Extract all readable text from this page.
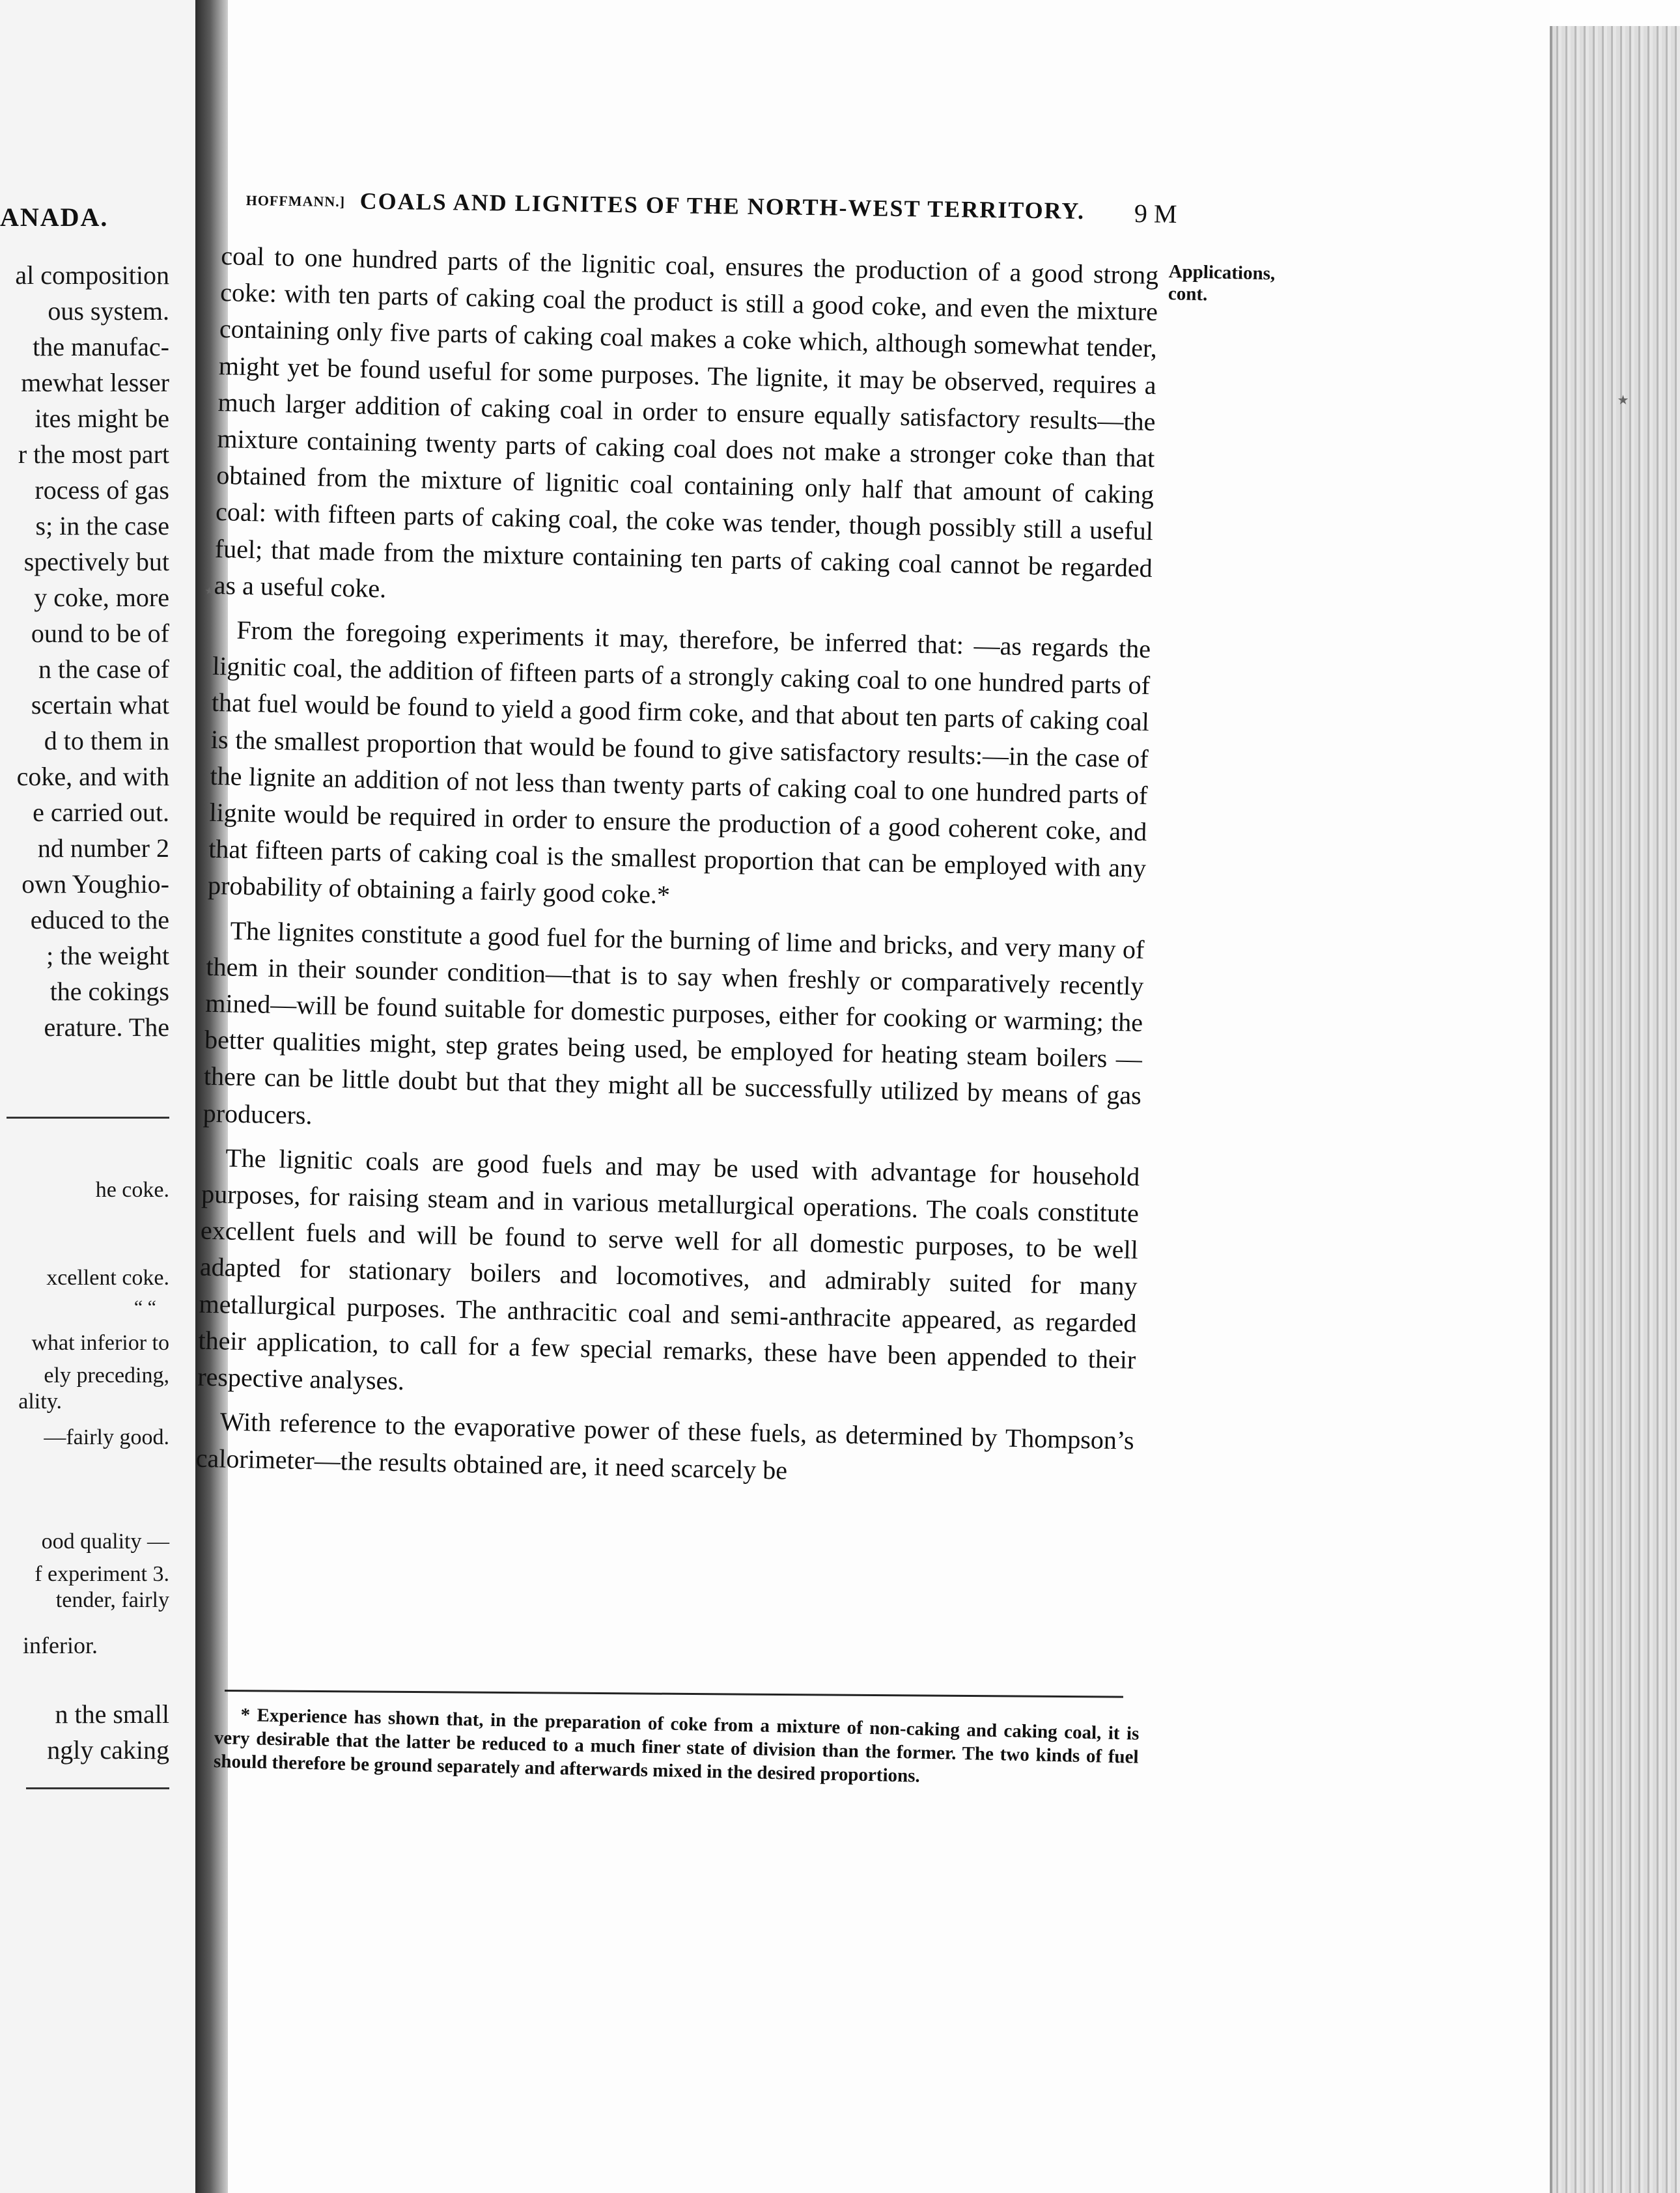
ANADA.
al composition
ous system.
the manufac-
mewhat lesser
ites might be
r the most part
rocess of gas
s; in the case
spectively but
y coke, more
ound to be of
n the case of
scertain what
d to them in
coke, and with
e carried out.
nd number 2
own Youghio-
educed to the
; the weight
the cokings
erature. The
he coke.
xcellent coke.
“ “
what inferior to
ely preceding,
ality.
—fairly good.
ood quality —
f experiment 3.
tender, fairly
inferior.
n the small
ngly caking
HOFFMANN.] COALS AND LIGNITES OF THE NORTH-WEST TERRITORY. 9 M
Applications,
cont.

coal to one hundred parts of the lignitic coal, ensures the production of a good strong coke: with ten parts of caking coal the product is still a good coke, and even the mixture containing only five parts of caking coal makes a coke which, although somewhat tender, might yet be found useful for some purposes. The lignite, it may be observed, requires a much larger addition of caking coal in order to ensure equally satisfactory results—the mixture containing twenty parts of caking coal does not make a stronger coke than that obtained from the mixture of lignitic coal containing only half that amount of caking coal: with fifteen parts of caking coal, the coke was tender, though possibly still a useful fuel; that made from the mixture containing ten parts of caking coal cannot be regarded as a useful coke.

From the foregoing experiments it may, therefore, be inferred that: —as regards the lignitic coal, the addition of fifteen parts of a strongly caking coal to one hundred parts of that fuel would be found to yield a good firm coke, and that about ten parts of caking coal is the smallest proportion that would be found to give satisfactory results:—in the case of the lignite an addition of not less than twenty parts of caking coal to one hundred parts of lignite would be required in order to ensure the production of a good coherent coke, and that fifteen parts of caking coal is the smallest proportion that can be employed with any probability of obtaining a fairly good coke.*

The lignites constitute a good fuel for the burning of lime and bricks, and very many of them in their sounder condition—that is to say when freshly or comparatively recently mined—will be found suitable for domestic purposes, either for cooking or warming; the better qualities might, step grates being used, be employed for heating steam boilers —there can be little doubt but that they might all be successfully utilized by means of gas producers.

The lignitic coals are good fuels and may be used with advantage for household purposes, for raising steam and in various metallurgical operations. The coals constitute excellent fuels and will be found to serve well for all domestic purposes, to be well adapted for stationary boilers and locomotives, and admirably suited for many metallurgical purposes. The anthracitic coal and semi-anthracite appeared, as regarded their application, to call for a few special remarks, these have been appended to their respective analyses.

With reference to the evaporative power of these fuels, as determined by Thompson’s calorimeter—the results obtained are, it need scarcely be

* Experience has shown that, in the preparation of coke from a mixture of non-caking and caking coal, it is very desirable that the latter be reduced to a much finer state of division than the former. The two kinds of fuel should therefore be ground separately and afterwards mixed in the desired proportions.
⋆
⋆
